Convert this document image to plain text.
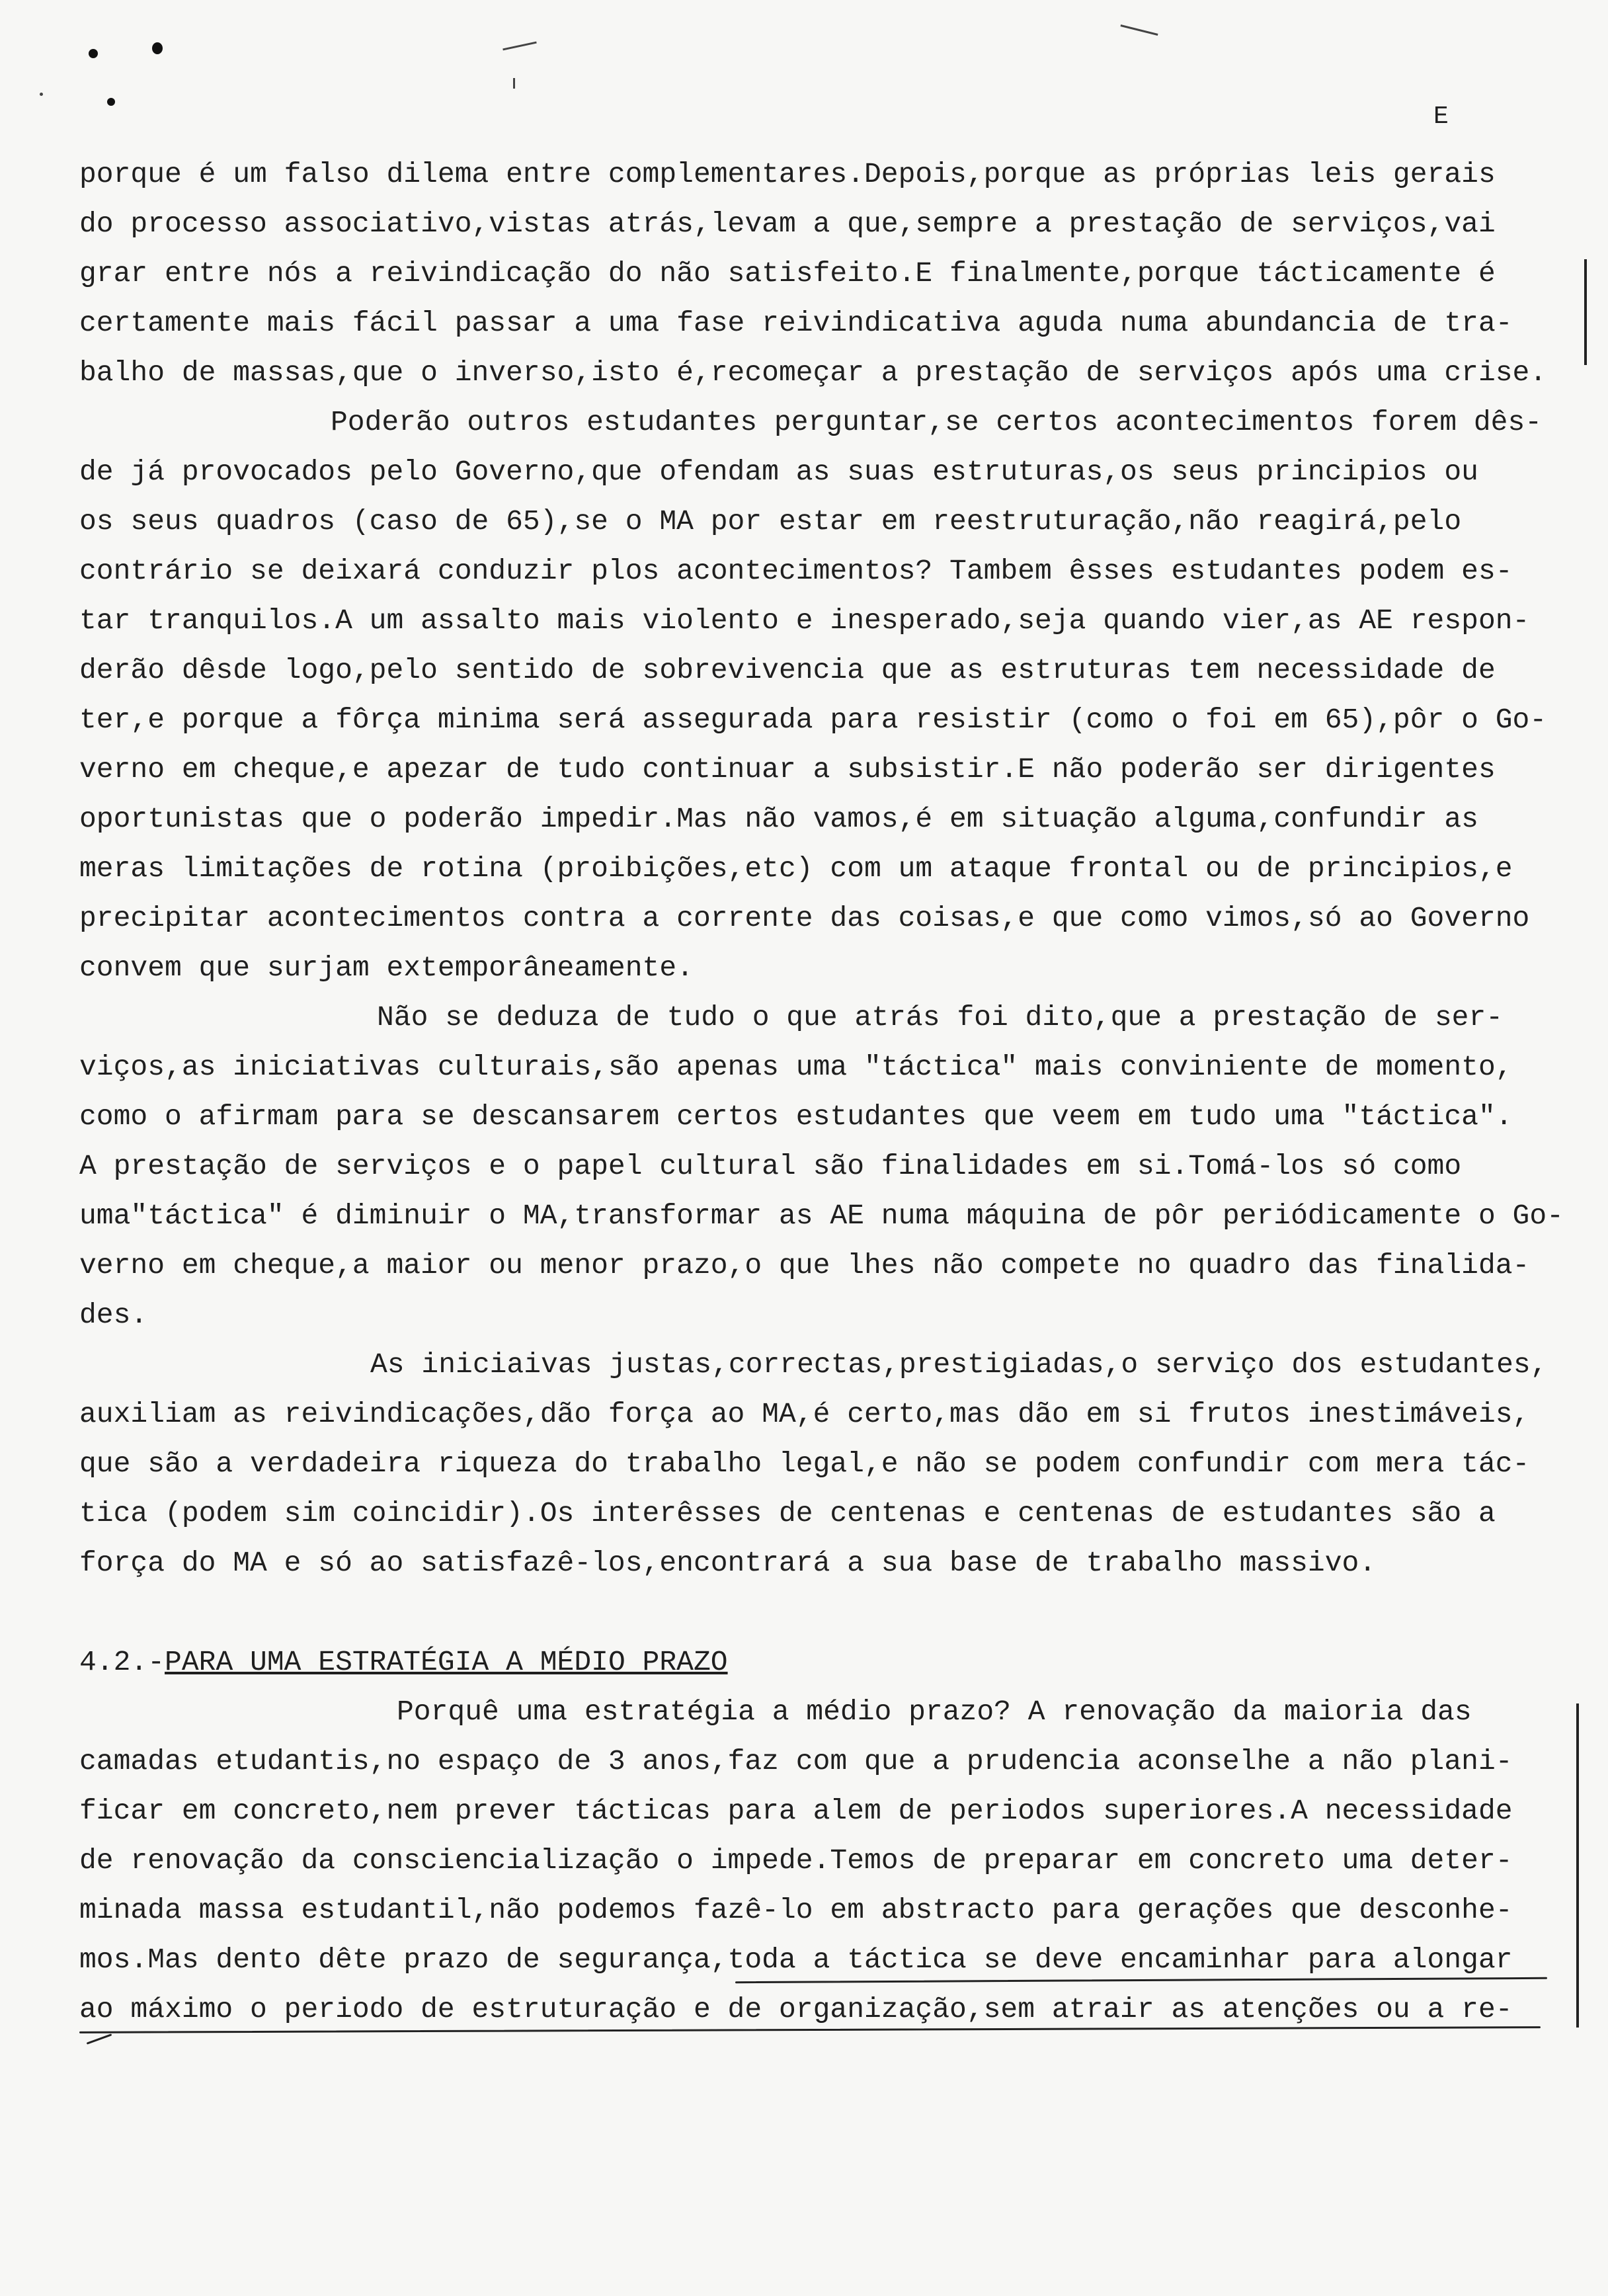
E
porque é um falso dilema entre complementares.Depois,porque as próprias leis gerais
do processo associativo,vistas atrás,levam a que,sempre a prestação de serviços,vai
grar entre nós a reivindicação do não satisfeito.E finalmente,porque tácticamente é
certamente mais fácil passar a uma fase reivindicativa aguda numa abundancia de tra-
balho de massas,que o inverso,isto é,recomeçar a prestação de serviços após uma crise.
Poderão outros estudantes perguntar,se certos acontecimentos forem dês-
de já provocados pelo Governo,que ofendam as suas estruturas,os seus principios ou
os seus quadros (caso de 65),se o MA por estar em reestruturação,não reagirá,pelo
contrário se deixará conduzir plos acontecimentos? Tambem êsses estudantes podem es-
tar tranquilos.A um assalto mais violento e inesperado,seja quando vier,as AE respon-
derão dêsde logo,pelo sentido de sobrevivencia que as estruturas tem necessidade de
ter,e porque a fôrça minima será assegurada para resistir (como o foi em 65),pôr o Go-
verno em cheque,e apezar de tudo continuar a subsistir.E não poderão ser dirigentes
oportunistas que o poderão impedir.Mas não vamos,é em situação alguma,confundir as
meras limitações de rotina (proibições,etc) com um ataque frontal ou de principios,e
precipitar acontecimentos contra a corrente das coisas,e que como vimos,só ao Governo
convem que surjam extemporâneamente.
Não se deduza de tudo o que atrás foi dito,que a prestação de ser-
viços,as iniciativas culturais,são apenas uma "táctica" mais conviniente de momento,
como o afirmam para se descansarem certos estudantes que veem em tudo uma "táctica".
A prestação de serviços e o papel cultural são finalidades em si.Tomá-los só como
uma"táctica" é diminuir o MA,transformar as AE numa máquina de pôr periódicamente o Go-
verno em cheque,a maior ou menor prazo,o que lhes não compete no quadro das finalida-
des.
As iniciaivas justas,correctas,prestigiadas,o serviço dos estudantes,
auxiliam as reivindicações,dão força ao MA,é certo,mas dão em si frutos inestimáveis,
que são a verdadeira riqueza do trabalho legal,e não se podem confundir com mera tác-
tica (podem sim coincidir).Os interêsses de centenas e centenas de estudantes são a
força do MA e só ao satisfazê-los,encontrará a sua base de trabalho massivo.
4.2.-PARA UMA ESTRATÉGIA A MÉDIO PRAZO
Porquê uma estratégia a médio prazo? A renovação da maioria das
camadas etudantis,no espaço de 3 anos,faz com que a prudencia aconselhe a não plani-
ficar em concreto,nem prever tácticas para alem de periodos superiores.A necessidade
de renovação da consciencialização o impede.Temos de preparar em concreto uma deter-
minada massa estudantil,não podemos fazê-lo em abstracto para gerações que desconhe-
mos.Mas dento dête prazo de segurança,toda a táctica se deve encaminhar para alongar
ao máximo o periodo de estruturação e de organização,sem atrair as atenções ou a re-
